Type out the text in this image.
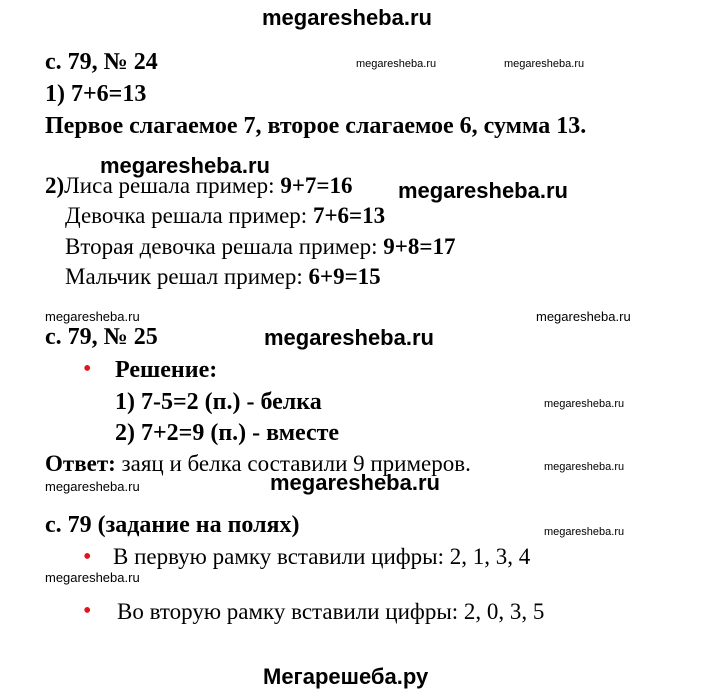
megaresheba.ru
с. 79, № 24	megaresheba.ru	megaresheba.ru
1) 7+6=13
Первое слагаемое 7, второе слагаемое 6, сумма 13.
megaresheba.ru
2)Лиса решала пример: 9+7=16 megaresheba.ru
Девочка решала пример: 7+6=13
Вторая девочка решала пример: 9+8=17
Мальчик решал пример: 6+9=15
megaresheba.ru	megaresheba.ru
с. 79, № 25	megaresheba.ru
• Решение:
1) 7-5=2 (п.) - белка	megaresheba.ru
2) 7+2=9 (п.) - вместе
Ответ: заяц и белка составили 9 примеров.	megaresheba.ru
megaresheba.ru	megaresheba.ru
с. 79 (задание на полях)	megaresheba.ru
• В первую рамку вставили цифры: 2, 1, 3, 4
megaresheba.ru
• Во вторую рамку вставили цифры: 2, 0, 3, 5
Мегарешеба.ру
